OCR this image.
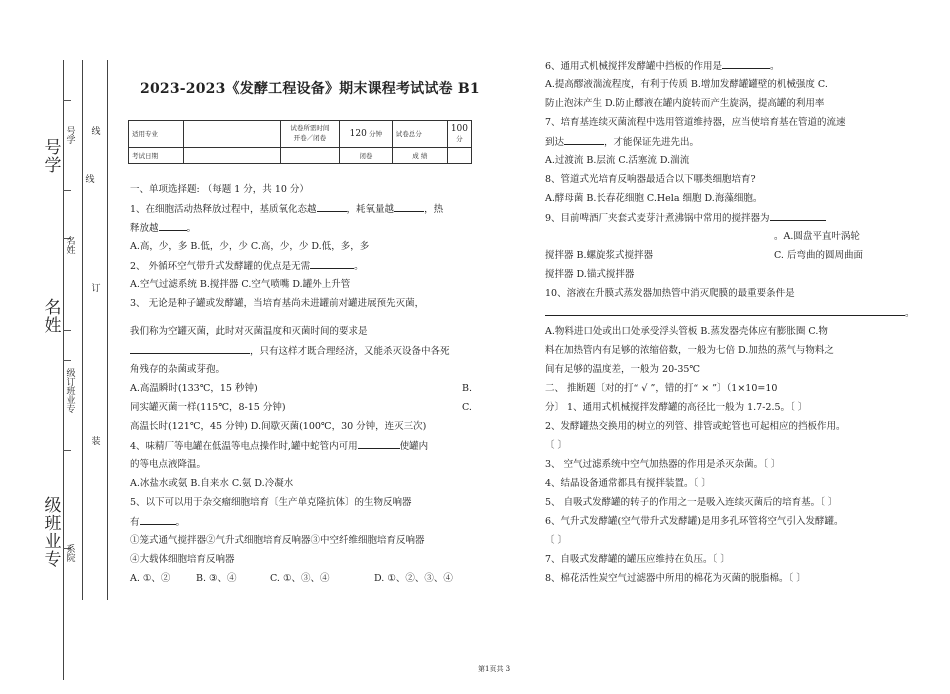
号学
名姓
级订班业专
系院
号学
名姓
级班业专
线
线
订
装
2023-2023《发酵工程设备》期末课程考试试卷 B1
适用专业		试卷所需时间
开卷／闭卷	120 分钟	试卷总分	100 分
考试日期			闭卷	成 绩	
一、单项选择题: （每题 1 分，共 10 分）
1、在细胞活动热释放过程中，基质氧化态越	，耗氧量越	，热
释放越	。
A.高，少，多 B.低，少，少 C.高，少，少 D.低，多，多
2、 外循环空气带升式发酵罐的优点是无需	。
A.空气过滤系统 B.搅拌器 C.空气喷嘴 D.罐外上升管
3、 无论是种子罐或发酵罐，当培育基尚未进罐前对罐进展预先灭菌，
我们称为空罐灭菌，此时对灭菌温度和灭菌时间的要求是
，只有这样才既合理经济，又能杀灭设备中各死
角残存的杂菌或芽孢。
A.高温瞬时(133℃，15 秒钟)	B.
同实罐灭菌一样(115℃，8-15 分钟)	C.
高温长时(121℃，45 分钟) D.间歇灭菌(100℃，30 分钟，连灭三次)
4、味精厂等电罐在低温等电点操作时,罐中蛇管内可用	使罐内
的等电点液降温。
A.冰盐水或氨 B.自来水 C.氨 D.冷凝水
5、以下可以用于杂交瘤细胞培育〔生产单克隆抗体〕的生物反响器
有	。
①笼式通气搅拌器②气升式细胞培育反响器③中空纤维细胞培育反响器
④大载体细胞培育反响器
A. ①、②	B. ③、④	C. ①、③、④	D. ①、②、③、④
6、通用式机械搅拌发酵罐中挡板的作用是	。
A.提高醪液湍流程度，有利于传质 B.增加发酵罐罐壁的机械强度 C.
防止泡沫产生 D.防止醪液在罐内旋转而产生旋涡，提高罐的利用率
7、培育基连续灭菌流程中选用管道维持器，应当使培育基在管道的流速
到达	，才能保证先进先出。
A.过渡流 B.层流 C.活塞流 D.湍流
8、管道式光培育反响器最适合以下哪类细胞培育?
A.酵母菌 B.长春花细胞 C.Hela 细胞 D.海藻细胞。
9、目前啤酒厂夹套式麦芽汁煮沸锅中常用的搅拌器为
。A.圆盘平直叶涡轮
搅拌器 B.螺旋浆式搅拌器	C. 后弯曲的圆周曲面
搅拌器 D.锚式搅拌器
10、溶液在升膜式蒸发器加热管中消灭爬膜的最重要条件是
。
A.物料进口处或出口处承受浮头管板 B.蒸发器壳体应有膨胀圈 C.物
料在加热管内有足够的浓缩倍数，一般为七倍 D.加热的蒸气与物料之
间有足够的温度差，一般为 20-35℃
二、 推断题〔对的打“ √ ”，错的打“ × ”〕（1×10=10
分〕 1、通用式机械搅拌发酵罐的高径比一般为 1.7-2.5。〔 〕
2、发酵罐热交换用的树立的列管、排管或蛇管也可起相应的挡板作用。
〔 〕
3、 空气过滤系统中空气加热器的作用是杀灭杂菌。〔 〕
4、结晶设备通常都具有搅拌装置。〔 〕
5、 自吸式发酵罐的转子的作用之一是吸入连续灭菌后的培育基。〔 〕
6、气升式发酵罐(空气带升式发酵罐)是用多孔环管将空气引入发酵罐。
〔 〕
7、自吸式发酵罐的罐压应维持在负压。〔 〕
8、棉花活性炭空气过滤器中所用的棉花为灭菌的脱脂棉。〔 〕
第1页共 3
